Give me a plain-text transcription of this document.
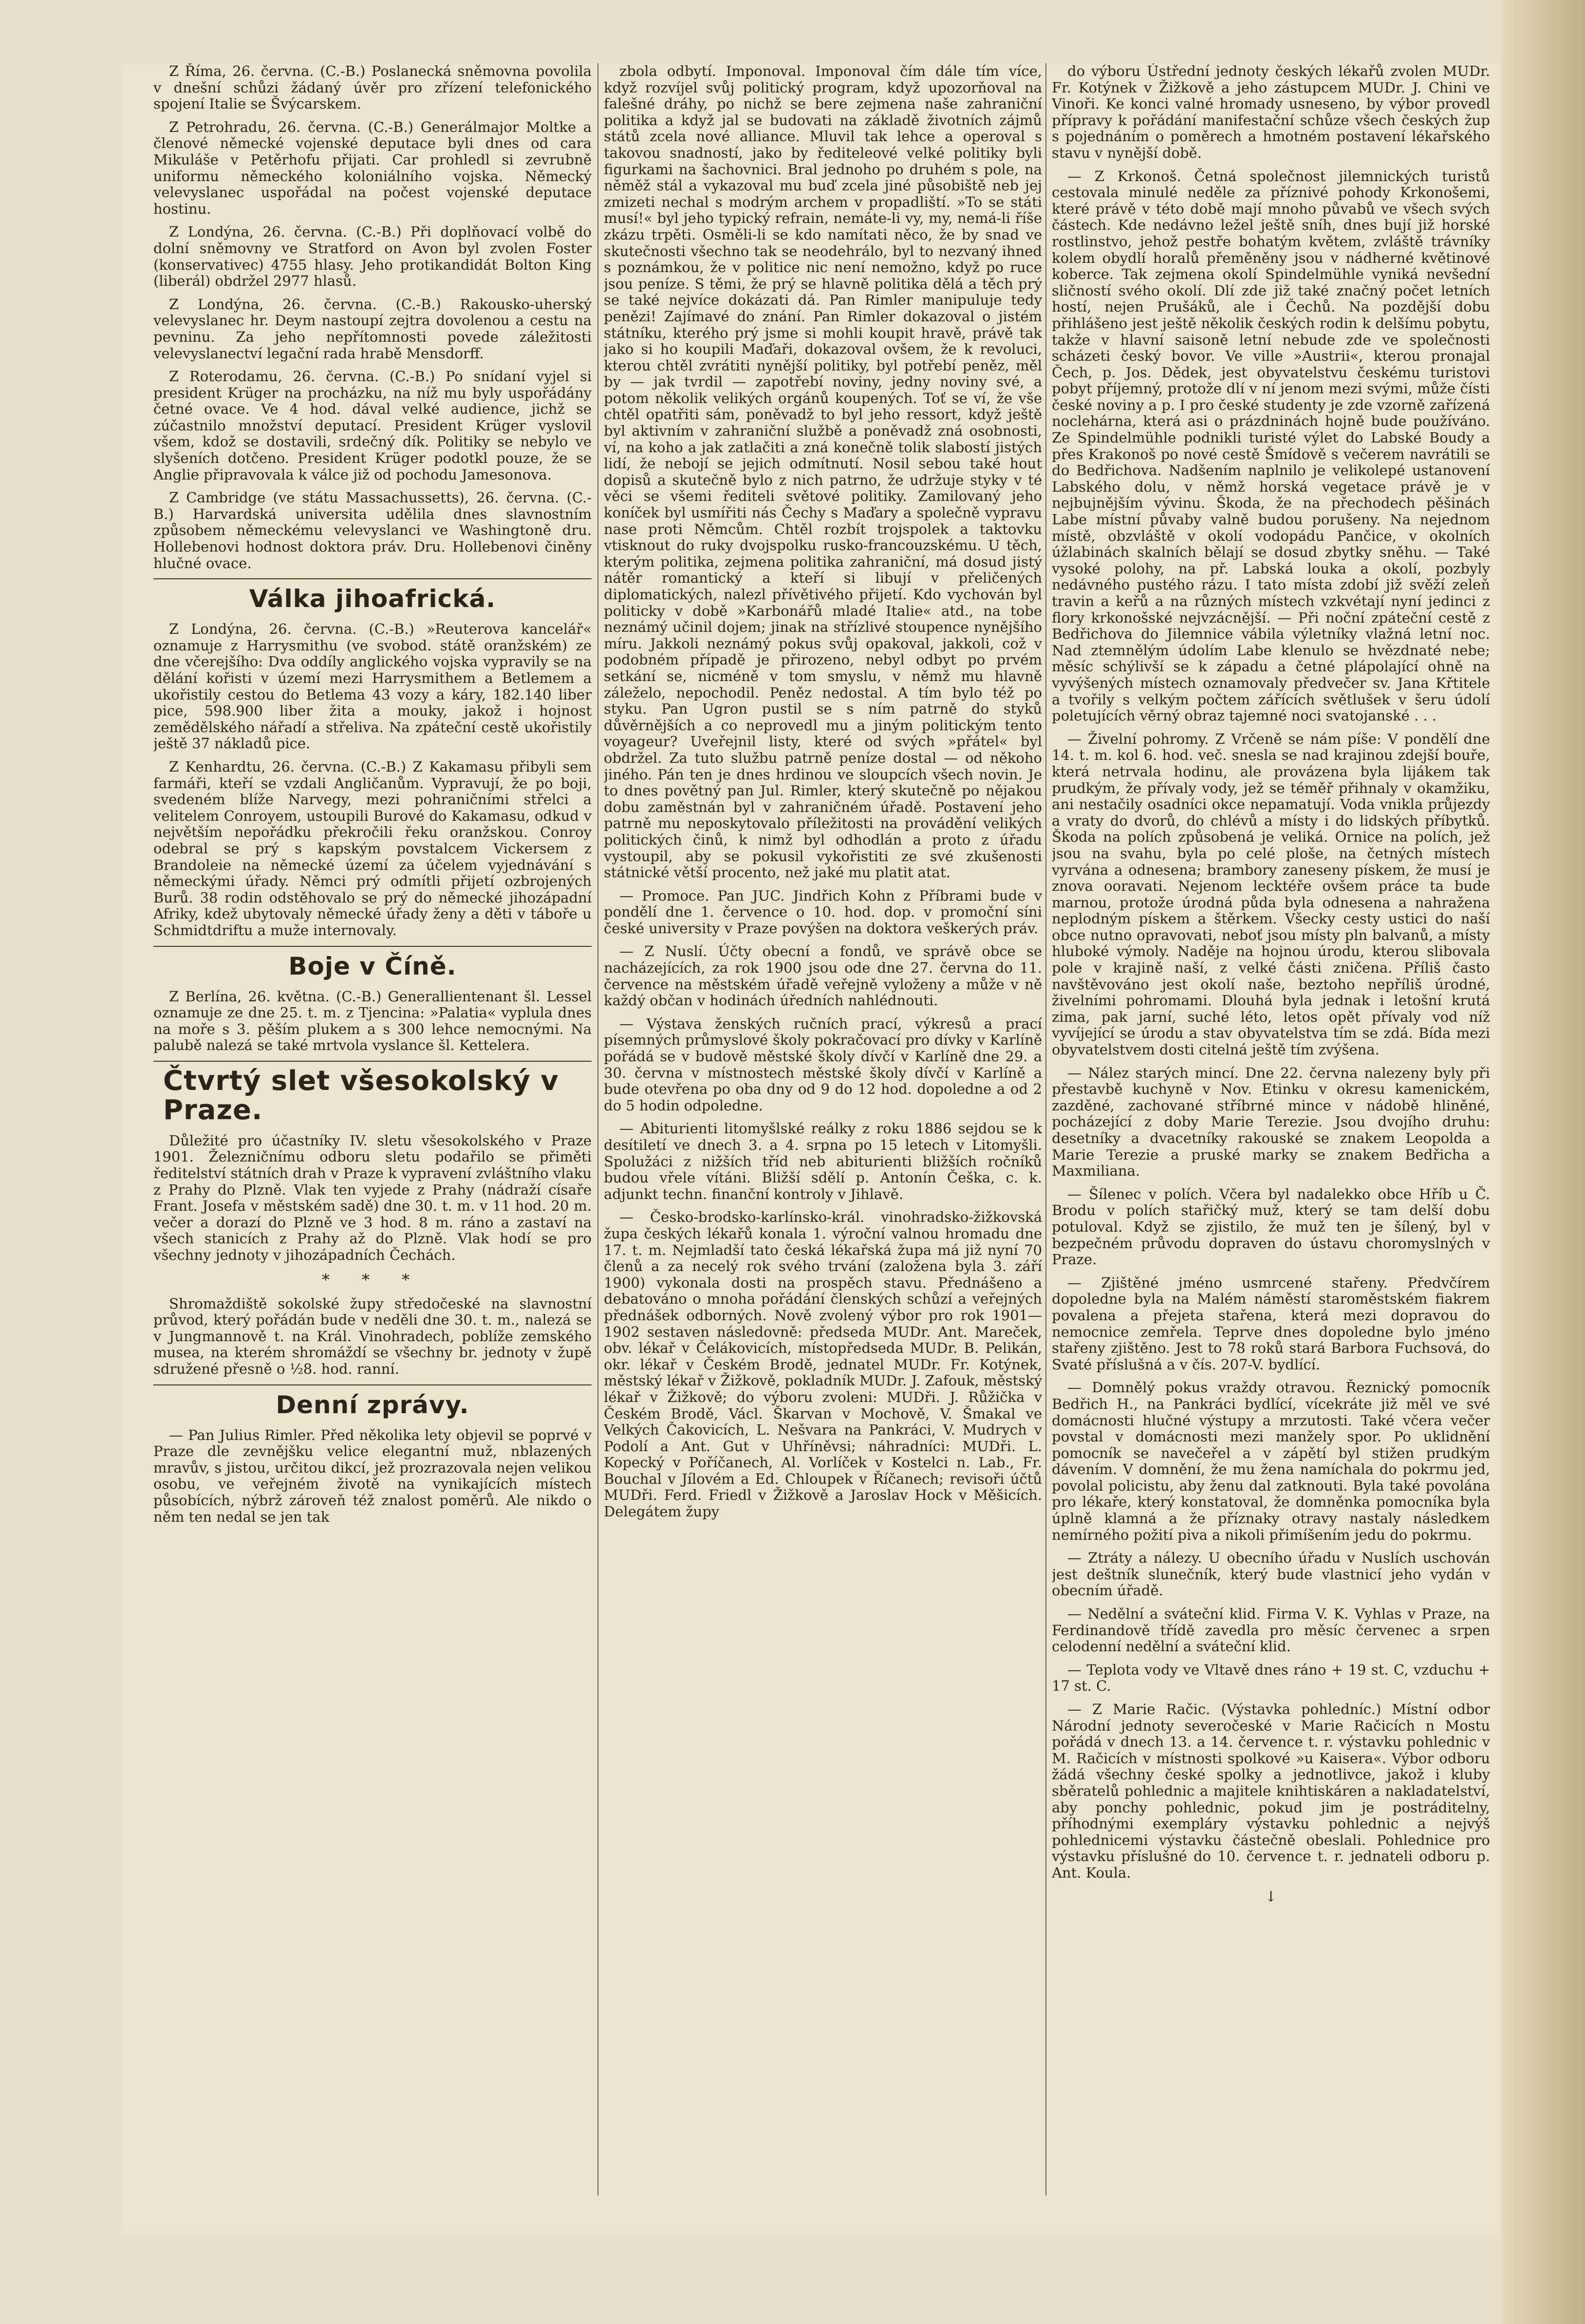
Z Říma, 26. června. (C.-B.) Poslanecká sněmovna povolila v dnešní schůzi žádaný úvěr pro zřízení telefonického spojení Italie se Švýcarskem.

Z Petrohradu, 26. června. (C.-B.) Generálmajor Moltke a členové německé vojenské deputace byli dnes od cara Mikuláše v Petěrhofu přijati. Car prohledl si zevrubně uniformu německého koloniálního vojska. Německý velevyslanec uspořádal na počest vojenské deputace hostinu.

Z Londýna, 26. června. (C.-B.) Při doplňovací volbě do dolní sněmovny ve Stratford on Avon byl zvolen Foster (konservativec) 4755 hlasy. Jeho protikandidát Bolton King (liberál) obdržel 2977 hlasů.

Z Londýna, 26. června. (C.-B.) Rakousko-uherský velevyslanec hr. Deym nastoupí zejtra dovolenou a cestu na pevninu. Za jeho nepřítomnosti povede záležitosti velevyslanectví legační rada hrabě Mensdorff.

Z Roterodamu, 26. června. (C.-B.) Po snídaní vyjel si president Krüger na procházku, na níž mu byly uspořádány četné ovace. Ve 4 hod. dával velké audience, jichž se zúčastnilo množství deputací. President Krüger vyslovil všem, kdož se dostavili, srdečný dík. Politiky se nebylo ve slyšeních dotčeno. President Krüger podotkl pouze, že se Anglie připravovala k válce již od pochodu Jamesonova.

Z Cambridge (ve státu Massachussetts), 26. června. (C.-B.) Harvardská universita udělila dnes slavnostním způsobem německému velevyslanci ve Washingtoně dru. Hollebenovi hodnost doktora práv. Dru. Hollebenovi činěny hlučné ovace.

Válka jihoafrická.

Z Londýna, 26. června. (C.-B.) »Reuterova kancelář« oznamuje z Harrysmithu (ve svobod. státě oranžském) ze dne včerejšího: Dva oddíly anglického vojska vypravily se na dělání kořisti v území mezi Harrysmithem a Betlemem a ukořistily cestou do Betlema 43 vozy a káry, 182.140 liber pice, 598.900 liber žita a mouky, jakož i hojnost zemědělského nářadí a střeliva. Na zpáteční cestě ukořistily ještě 37 nákladů pice.

Z Kenhardtu, 26. června. (C.-B.) Z Kakamasu přibyli sem farmáři, kteří se vzdali Angličanům. Vypravují, že po boji, svedeném blíže Narvegy, mezi pohraničními střelci a velitelem Conroyem, ustoupili Burové do Kakamasu, odkud v největším nepořádku překročili řeku oranžskou. Conroy odebral se prý s kapským povstalcem Vickersem z Brandoleie na německé území za účelem vyjednávání s německými úřady. Němci prý odmítli přijetí ozbrojených Burů. 38 rodin odstěhovalo se prý do německé jihozápadní Afriky, kdež ubytovaly německé úřady ženy a děti v táboře u Schmidtdriftu a muže internovaly.

Boje v Číně.

Z Berlína, 26. května. (C.-B.) Generallientenant šl. Lessel oznamuje ze dne 25. t. m. z Tjencina: »Palatia« vyplula dnes na moře s 3. pěším plukem a s 300 lehce nemocnými. Na palubě nalezá se také mrtvola vyslance šl. Kettelera.

Čtvrtý slet všesokolský v Praze.

Důležité pro účastníky IV. sletu všesokolského v Praze 1901. Železničnímu odboru sletu podařilo se přiměti ředitelství státních drah v Praze k vypravení zvláštního vlaku z Prahy do Plzně. Vlak ten vyjede z Prahy (nádraží císaře Frant. Josefa v městském sadě) dne 30. t. m. v 11 hod. 20 m. večer a dorazí do Plzně ve 3 hod. 8 m. ráno a zastaví na všech stanicích z Prahy až do Plzně. Vlak hodí se pro všechny jednoty v jihozápadních Čechách.

* * *

Shromaždiště sokolské župy středočeské na slavnostní průvod, který pořádán bude v neděli dne 30. t. m., nalezá se v Jungmannově t. na Král. Vinohradech, poblíže zemského musea, na kterém shromáždí se všechny br. jednoty v župě sdružené přesně o ½8. hod. ranní.

Denní zprávy.

— Pan Julius Rimler. Před několika lety objevil se poprvé v Praze dle zevnějšku velice elegantní muž, nblazených mravův, s jistou, určitou dikcí, jež prozrazovala nejen velikou osobu, ve veřejném životě na vynikajících místech působících, nýbrž zároveň též znalost poměrů. Ale nikdo o něm ten nedal se jen tak

zbola odbytí. Imponoval. Imponoval čím dále tím více, když rozvíjel svůj politický program, když upozorňoval na falešné dráhy, po nichž se bere zejmena naše zahraniční politika a když jal se budovati na základě životních zájmů států zcela nové alliance. Mluvil tak lehce a operoval s takovou snadností, jako by řediteleové velké politiky byli figurkami na šachovnici. Bral jednoho po druhém s pole, na něměž stál a vykazoval mu buď zcela jiné působiště neb jej zmizeti nechal s modrým archem v propadliští. »To se státi musí!« byl jeho typický refrain, nemáte-li vy, my, nemá-li říše zkázu trpěti. Osměli-li se kdo namítati něco, že by snad ve skutečnosti všechno tak se neodehrálo, byl to nezvaný ihned s poznámkou, že v politice nic není nemožno, když po ruce jsou peníze. S těmi, že prý se hlavně politika dělá a těch prý se také nejvíce dokázati dá. Pan Rimler manipuluje tedy penězi! Zajímavé do znání. Pan Rimler dokazoval o jistém státníku, kterého prý jsme si mohli koupit hravě, právě tak jako si ho koupili Maďaři, dokazoval ovšem, že k revoluci, kterou chtěl zvrátiti nynější politiky, byl potřebí peněz, měl by — jak tvrdil — zapotřebí noviny, jedny noviny své, a potom několik velikých orgánů koupených. Toť se ví, že vše chtěl opatřiti sám, poněvadž to byl jeho ressort, když ještě byl aktivním v zahraniční službě a poněvadž zná osobnosti, ví, na koho a jak zatlačiti a zná konečně tolik slabostí jistých lidí, že nebojí se jejich odmítnutí. Nosil sebou také hout dopisů a skutečně bylo z nich patrno, že udržuje styky v té věci se všemi řediteli světové politiky. Zamilovaný jeho koníček byl usmířiti nás Čechy s Maďary a společně vypravu nase proti Němcům. Chtěl rozbít trojspolek a taktovku vtisknout do ruky dvojspolku rusko-francouzskému. U těch, kterým politika, zejmena politika zahraniční, má dosud jistý nátěr romantický a kteří si libují v přeličených diplomatických, nalezl přívětivého přijetí. Kdo vychován byl politicky v době »Karbonářů mladé Italie« atd., na tobe neznámý učinil dojem; jinak na střízlivé stoupence nynějšího míru. Jakkoli neznámý pokus svůj opakoval, jakkoli, což v podobném případě je přirozeno, nebyl odbyt po prvém setkání se, nicméně v tom smyslu, v němž mu hlavně záleželo, nepochodil. Peněz nedostal. A tím bylo též po styku. Pan Ugron pustil se s ním patrně do styků důvěrnějších a co neprovedl mu a jiným politickým tento voyageur? Uveřejnil listy, které od svých »přátel« byl obdržel. Za tuto službu patrně peníze dostal — od někoho jiného. Pán ten je dnes hrdinou ve sloupcích všech novin. Je to dnes povětný pan Jul. Rimler, který skutečně po nějakou dobu zaměstnán byl v zahraničném úřadě. Postavení jeho patrně mu neposkytovalo příležitosti na provádění velikých politických činů, k nimž byl odhodlán a proto z úřadu vystoupil, aby se pokusil vykořistiti ze své zkušenosti státnické větší procento, než jaké mu platit atat.

— Promoce. Pan JUC. Jindřich Kohn z Příbrami bude v pondělí dne 1. července o 10. hod. dop. v promoční síni české university v Praze povýšen na doktora veškerých práv.

— Z Nuslí. Účty obecní a fondů, ve správě obce se nacházejících, za rok 1900 jsou ode dne 27. června do 11. července na městském úřadě veřejně vyloženy a může v ně každý občan v hodinách úředních nahlédnouti.

— Výstava ženských ručních prací, výkresů a prací písemných průmyslové školy pokračovací pro dívky v Karlíně pořádá se v budově městské školy dívčí v Karlíně dne 29. a 30. června v místnostech městské školy dívčí v Karlíně a bude otevřena po oba dny od 9 do 12 hod. dopoledne a od 2 do 5 hodin odpoledne.

— Abiturienti litomyšlské reálky z roku 1886 sejdou se k desítiletí ve dnech 3. a 4. srpna po 15 letech v Litomyšli. Spolužáci z nižších tříd neb abiturienti bližších ročníků budou vřele vítáni. Bližší sdělí p. Antonín Češka, c. k. adjunkt techn. finanční kontroly v Jihlavě.

— Česko-brodsko-karlínsko-král. vinohradsko-žižkovská župa českých lékařů konala 1. výroční valnou hromadu dne 17. t. m. Nejmladší tato česká lékařská župa má již nyní 70 členů a za necelý rok svého trvání (založena byla 3. září 1900) vykonala dosti na prospěch stavu. Přednášeno a debatováno o mnoha pořádání členských schůzí a veřejných přednášek odborných. Nově zvolený výbor pro rok 1901—1902 sestaven následovně: předseda MUDr. Ant. Mareček, obv. lékař v Čelákovicích, místopředseda MUDr. B. Pelikán, okr. lékař v Českém Brodě, jednatel MUDr. Fr. Kotýnek, městský lékař v Žižkově, pokladník MUDr. J. Zafouk, městský lékař v Žižkově; do výboru zvoleni: MUDři. J. Růžička v Českém Brodě, Václ. Škarvan v Mochově, V. Šmakal ve Velkých Čakovicích, L. Nešvara na Pankráci, V. Mudrych v Podolí a Ant. Gut v Uhříněvsi; náhradníci: MUDři. L. Kopecký v Poříčanech, Al. Vorlíček v Kostelci n. Lab., Fr. Bouchal v Jílovém a Ed. Chloupek v Říčanech; revisoři účtů MUDři. Ferd. Friedl v Žižkově a Jaroslav Hock v Měšicích. Delegátem župy

do výboru Ústřední jednoty českých lékařů zvolen MUDr. Fr. Kotýnek v Žižkově a jeho zástupcem MUDr. J. Chini ve Vinoři. Ke konci valné hromady usneseno, by výbor provedl přípravy k pořádání manifestační schůze všech českých žup s pojednáním o poměrech a hmotném postavení lékařského stavu v nynější době.

— Z Krkonoš. Četná společnost jilemnických turistů cestovala minulé neděle za příznivé pohody Krkonošemi, které právě v této době mají mnoho půvabů ve všech svých částech. Kde nedávno ležel ještě sníh, dnes bují již horské rostlinstvo, jehož pestře bohatým květem, zvláště trávníky kolem obydlí horalů přeměněny jsou v nádherné květinové koberce. Tak zejmena okolí Spindelmühle vyniká nevšední sličností svého okolí. Dlí zde již také značný počet letních hostí, nejen Prušáků, ale i Čechů. Na pozdější dobu přihlášeno jest ještě několik českých rodin k delšímu pobytu, takže v hlavní saisoně letní nebude zde ve společnosti scházeti český bovor. Ve ville »Austrii«, kterou pronajal Čech, p. Jos. Dědek, jest obyvatelstvu českému turistovi pobyt příjemný, protože dlí v ní jenom mezi svými, může čísti české noviny a p. I pro české studenty je zde vzorně zařízená noclehárna, která asi o prázdninách hojně bude používáno. Ze Spindelmühle podnikli turisté výlet do Labské Boudy a přes Krakonoš po nové cestě Šmídově s večerem navrátili se do Bedřichova. Nadšením naplnilo je velikolepé ustanovení Labského dolu, v němž horská vegetace právě je v nejbujnějším vývinu. Škoda, že na přechodech pěšinách Labe místní půvaby valně budou porušeny. Na nejednom místě, obzvláště v okolí vodopádu Pančice, v okolních úžlabinách skalních bělají se dosud zbytky sněhu. — Také vysoké polohy, na př. Labská louka a okolí, pozbyly nedávného pustého rázu. I tato místa zdobí již svěží zeleň travin a keřů a na různých místech vzkvétají nyní jedinci z flory krkonošské nejvzácnější. — Při noční zpáteční cestě z Bedřichova do Jilemnice vábila výletníky vlažná letní noc. Nad ztemnělým údolím Labe klenulo se hvězdnaté nebe; měsíc schýlivší se k západu a četné plápolající ohně na vyvýšených místech oznamovaly předvečer sv. Jana Křtitele a tvořily s velkým počtem zářících světlušek v šeru údolí poletujících věrný obraz tajemné noci svatojanské . . .

— Živelní pohromy. Z Vrčeně se nám píše: V pondělí dne 14. t. m. kol 6. hod. več. snesla se nad krajinou zdejší bouře, která netrvala hodinu, ale provázena byla lijákem tak prudkým, že přívaly vody, jež se téměř přihnaly v okamžiku, ani nestačily osadníci okce nepamatují. Voda vnikla průjezdy a vraty do dvorů, do chlévů a místy i do lidských příbytků. Škoda na polích způsobená je veliká. Ornice na polích, jež jsou na svahu, byla po celé ploše, na četných místech vyrvána a odnesena; brambory zaneseny pískem, že musí je znova ooravati. Nejenom lecktéře ovšem práce ta bude marnou, protože úrodná půda byla odnesena a nahražena neplodným pískem a štěrkem. Všecky cesty ustici do naší obce nutno opravovati, neboť jsou místy pln balvanů, a místy hluboké výmoly. Naděje na hojnou úrodu, kterou slibovala pole v krajině naší, z velké části zničena. Příliš často navštěvováno jest okolí naše, beztoho nepříliš úrodné, živelními pohromami. Dlouhá byla jednak i letošní krutá zima, pak jarní, suché léto, letos opět přívaly vod níž vyvíjející se úrodu a stav obyvatelstva tím se zdá. Bída mezi obyvatelstvem dosti citelná ještě tím zvýšena.

— Nález starých mincí. Dne 22. června nalezeny byly při přestavbě kuchyně v Nov. Etinku v okresu kamenickém, zazděné, zachované stříbrné mince v nádobě hliněné, pocházející z doby Marie Terezie. Jsou dvojího druhu: desetníky a dvacetníky rakouské se znakem Leopolda a Marie Terezie a pruské marky se znakem Bedřicha a Maxmiliana.

— Šílenec v polích. Včera byl nadalekko obce Hříb u Č. Brodu v polích stařičký muž, který se tam delší dobu potuloval. Když se zjistilo, že muž ten je šílený, byl v bezpečném průvodu dopraven do ústavu choromyslných v Praze.

— Zjištěné jméno usmrcené stařeny. Předvčírem dopoledne byla na Malém náměstí staroměstském fiakrem povalena a přejeta stařena, která mezi dopravou do nemocnice zemřela. Teprve dnes dopoledne bylo jméno stařeny zjištěno. Jest to 78 roků stará Barbora Fuchsová, do Svaté příslušná a v čís. 207-V. bydlící.

— Domnělý pokus vraždy otravou. Řeznický pomocník Bedřich H., na Pankráci bydlící, vícekráte již měl ve své domácnosti hlučné výstupy a mrzutosti. Také včera večer povstal v domácnosti mezi manžely spor. Po uklidnění pomocník se navečeřel a v zápětí byl stižen prudkým dávením. V domnění, že mu žena namíchala do pokrmu jed, povolal policistu, aby ženu dal zatknouti. Byla také povolána pro lékaře, který konstatoval, že domněnka pomocníka byla úplně klamná a že příznaky otravy nastaly následkem nemírného požití piva a nikoli přimíšením jedu do pokrmu.

— Ztráty a nálezy. U obecního úřadu v Nuslích uschován jest deštník slunečník, který bude vlastnicí jeho vydán v obecním úřadě.

— Nedělní a sváteční klid. Firma V. K. Vyhlas v Praze, na Ferdinandově třídě zavedla pro měsíc červenec a srpen celodenní nedělní a sváteční klid.

— Teplota vody ve Vltavě dnes ráno + 19 st. C, vzduchu + 17 st. C.

— Z Marie Račic. (Výstavka pohledníc.) Místní odbor Národní jednoty severočeské v Marie Račicích n Mostu pořádá v dnech 13. a 14. července t. r. výstavku pohlednic v M. Račicích v místnosti spolkové »u Kaisera«. Výbor odboru žádá všechny české spolky a jednotlivce, jakož i kluby sběratelů pohlednic a majitele knihtiskáren a nakladatelství, aby ponchy pohlednic, pokud jim je postráditelny, příhodnými exempláry výstavku pohlednic a nejvýš pohlednicemi výstavku částečně obeslali. Pohlednice pro výstavku příslušné do 10. července t. r. jednateli odboru p. Ant. Koula.

↓
